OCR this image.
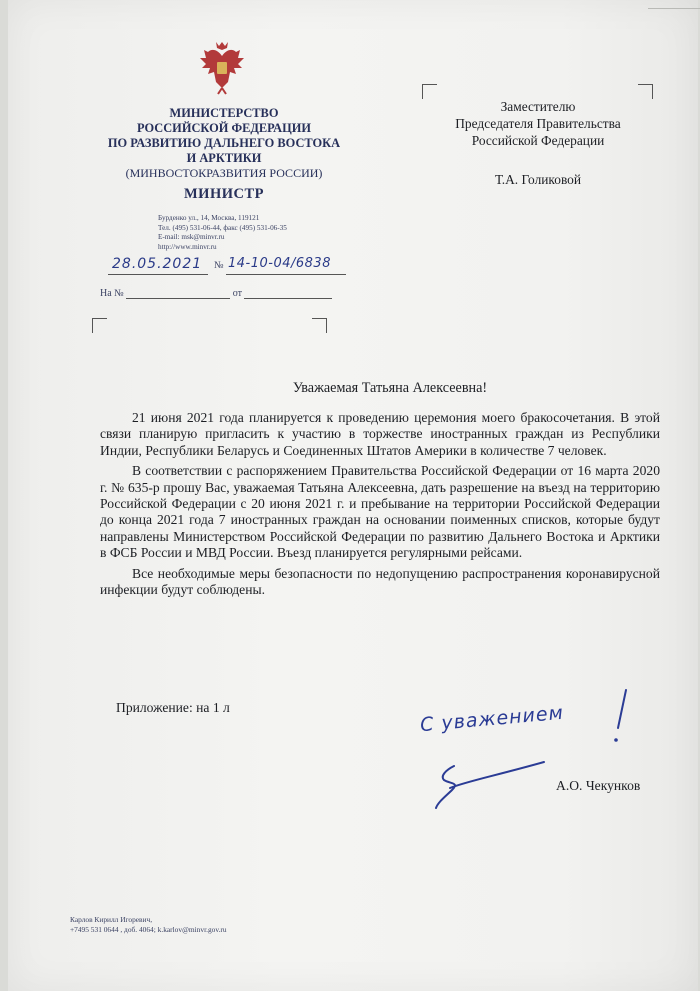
МИНИСТЕРСТВО
РОССИЙСКОЙ ФЕДЕРАЦИИ
ПО РАЗВИТИЮ ДАЛЬНЕГО ВОСТОКА
И АРКТИКИ
(МИНВОСТОКРАЗВИТИЯ РОССИИ)
МИНИСТР
Бурденко ул., 14, Москва, 119121
Тел. (495) 531-06-44, факс (495) 531-06-35
E-mail: msk@minvr.ru
http://www.minvr.ru
28.05.2021 № 14-10-04/6838
На №	от
Заместителю
Председателя Правительства
Российской Федерации
Т.А. Голиковой
Уважаемая Татьяна Алексеевна!

21 июня 2021 года планируется к проведению церемония моего бракосочетания. В этой связи планирую пригласить к участию в торжестве иностранных граждан из Республики Индии, Республики Беларусь и Соединенных Штатов Америки в количестве 7 человек.

В соответствии с распоряжением Правительства Российской Федерации от 16 марта 2020 г. № 635-р прошу Вас, уважаемая Татьяна Алексеевна, дать разрешение на въезд на территорию Российской Федерации с 20 июня 2021 г. и пребывание на территории Российской Федерации до конца 2021 года 7 иностранных граждан на основании поименных списков, которые будут направлены Министерством Российской Федерации по развитию Дальнего Востока и Арктики в ФСБ России и МВД России. Въезд планируется регулярными рейсами.

Все необходимые меры безопасности по недопущению распространения коронавирусной инфекции будут соблюдены.

Приложение: на 1 л	С уважением
А.О. Чекунков
Карлов Кирилл Игоревич,
+7495 531 0644 , доб. 4064; k.karlov@minvr.gov.ru
